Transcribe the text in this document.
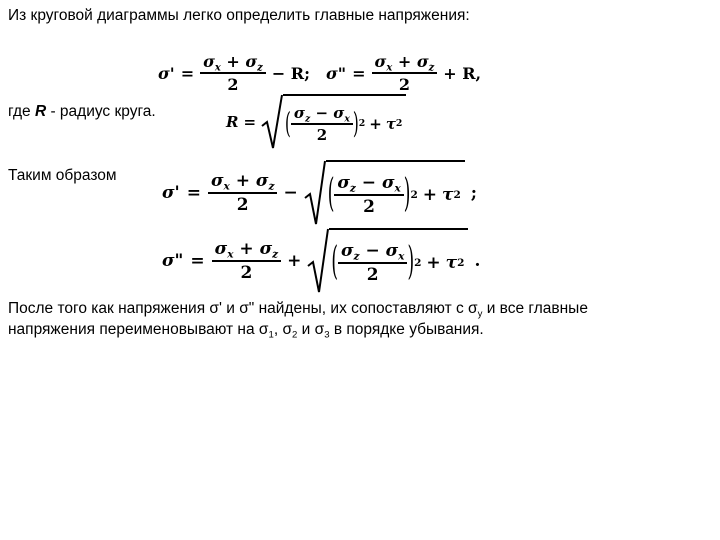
Из круговой диаграммы легко определить главные напряжения:
$\sigma' = \frac{\sigma_x + \sigma_z}{2} - R$; σ" = $\frac{\sigma_x + \sigma_z}{2} + R$,
где R - радиус круга.
R = ( $\frac{\sigma_z - \sigma_x}{2}$ ) 2 + τ 2
Таким образом
$\sigma' = \frac{\sigma_x + \sigma_z}{2}$ − ( $\frac{\sigma_z - \sigma_x}{2}$ ) 2 + τ 2 ;
σ" = $\frac{\sigma_x + \sigma_z}{2}$ + ( $\frac{\sigma_z - \sigma_x}{2}$ ) 2 + τ 2 .
После того как напряжения σ' и σ" найдены, их сопоставляют с $\sigma_y$ и все главные
напряжения переименовывают на $\sigma_1$, $\sigma_2$ и $\sigma_3$ в порядке убывания.
